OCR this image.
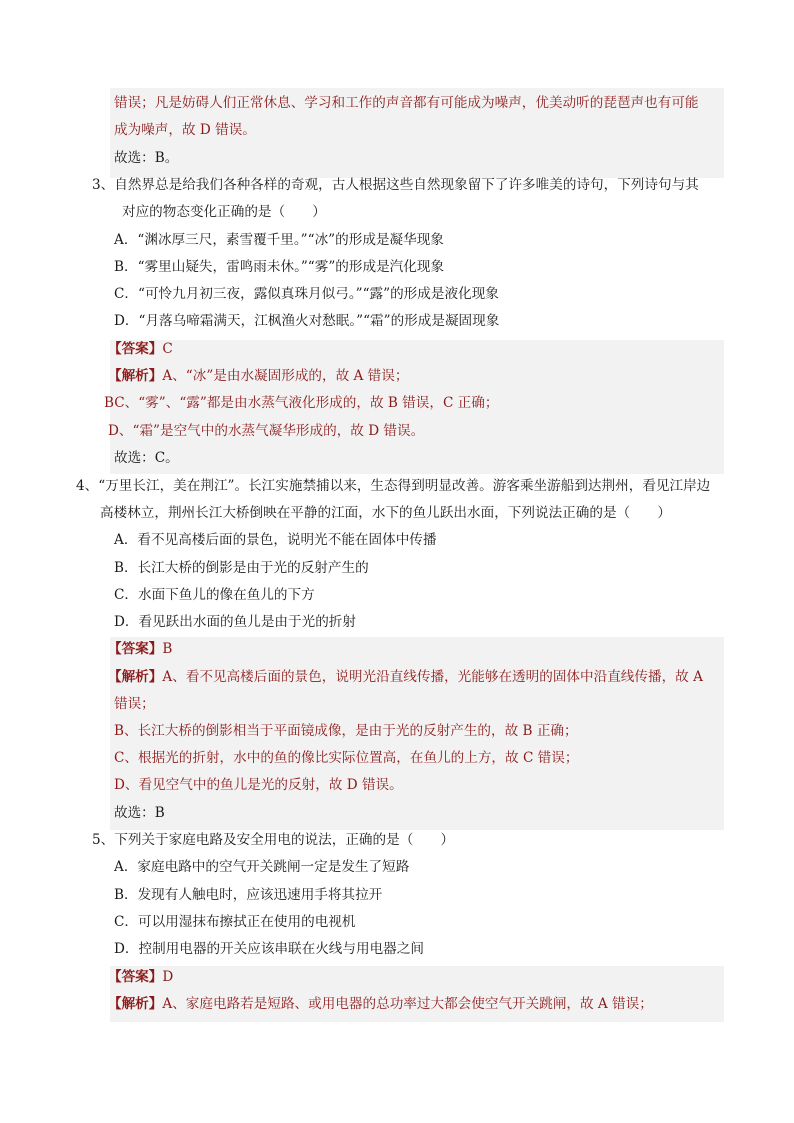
错误；凡是妨碍人们正常休息、学习和工作的声音都有可能成为噪声，优美动听的琵琶声也有可能
成为噪声，故 D 错误。
故选：B。
3、自然界总是给我们各种各样的奇观，古人根据这些自然现象留下了许多唯美的诗句，下列诗句与其
对应的物态变化正确的是（　　）
A．“渊冰厚三尺，素雪覆千里。”“冰”的形成是凝华现象
B．“雾里山疑失，雷鸣雨未休。”“雾”的形成是汽化现象
C．“可怜九月初三夜，露似真珠月似弓。”“露”的形成是液化现象
D．“月落乌啼霜满天，江枫渔火对愁眠。”“霜”的形成是凝固现象
【答案】C
【解析】A、“冰”是由水凝固形成的，故 A 错误；
BC、“雾”、“露”都是由水蒸气液化形成的，故 B 错误，C 正确；
D、“霜”是空气中的水蒸气凝华形成的，故 D 错误。
故选：C。
4、“万里长江，美在荆江”。长江实施禁捕以来，生态得到明显改善。游客乘坐游船到达荆州，看见江岸边
高楼林立，荆州长江大桥倒映在平静的江面，水下的鱼儿跃出水面，下列说法正确的是（　　）
A．看不见高楼后面的景色，说明光不能在固体中传播
B．长江大桥的倒影是由于光的反射产生的
C．水面下鱼儿的像在鱼儿的下方
D．看见跃出水面的鱼儿是由于光的折射
【答案】B
【解析】A、看不见高楼后面的景色，说明光沿直线传播，光能够在透明的固体中沿直线传播，故 A
错误；
B、长江大桥的倒影相当于平面镜成像，是由于光的反射产生的，故 B 正确；
C、根据光的折射，水中的鱼的像比实际位置高，在鱼儿的上方，故 C 错误；
D、看见空气中的鱼儿是光的反射，故 D 错误。
故选：B
5、下列关于家庭电路及安全用电的说法，正确的是（　　）
A．家庭电路中的空气开关跳闸一定是发生了短路
B．发现有人触电时，应该迅速用手将其拉开
C．可以用湿抹布擦拭正在使用的电视机
D．控制用电器的开关应该串联在火线与用电器之间
【答案】D
【解析】A、家庭电路若是短路、或用电器的总功率过大都会使空气开关跳闸，故 A 错误；
